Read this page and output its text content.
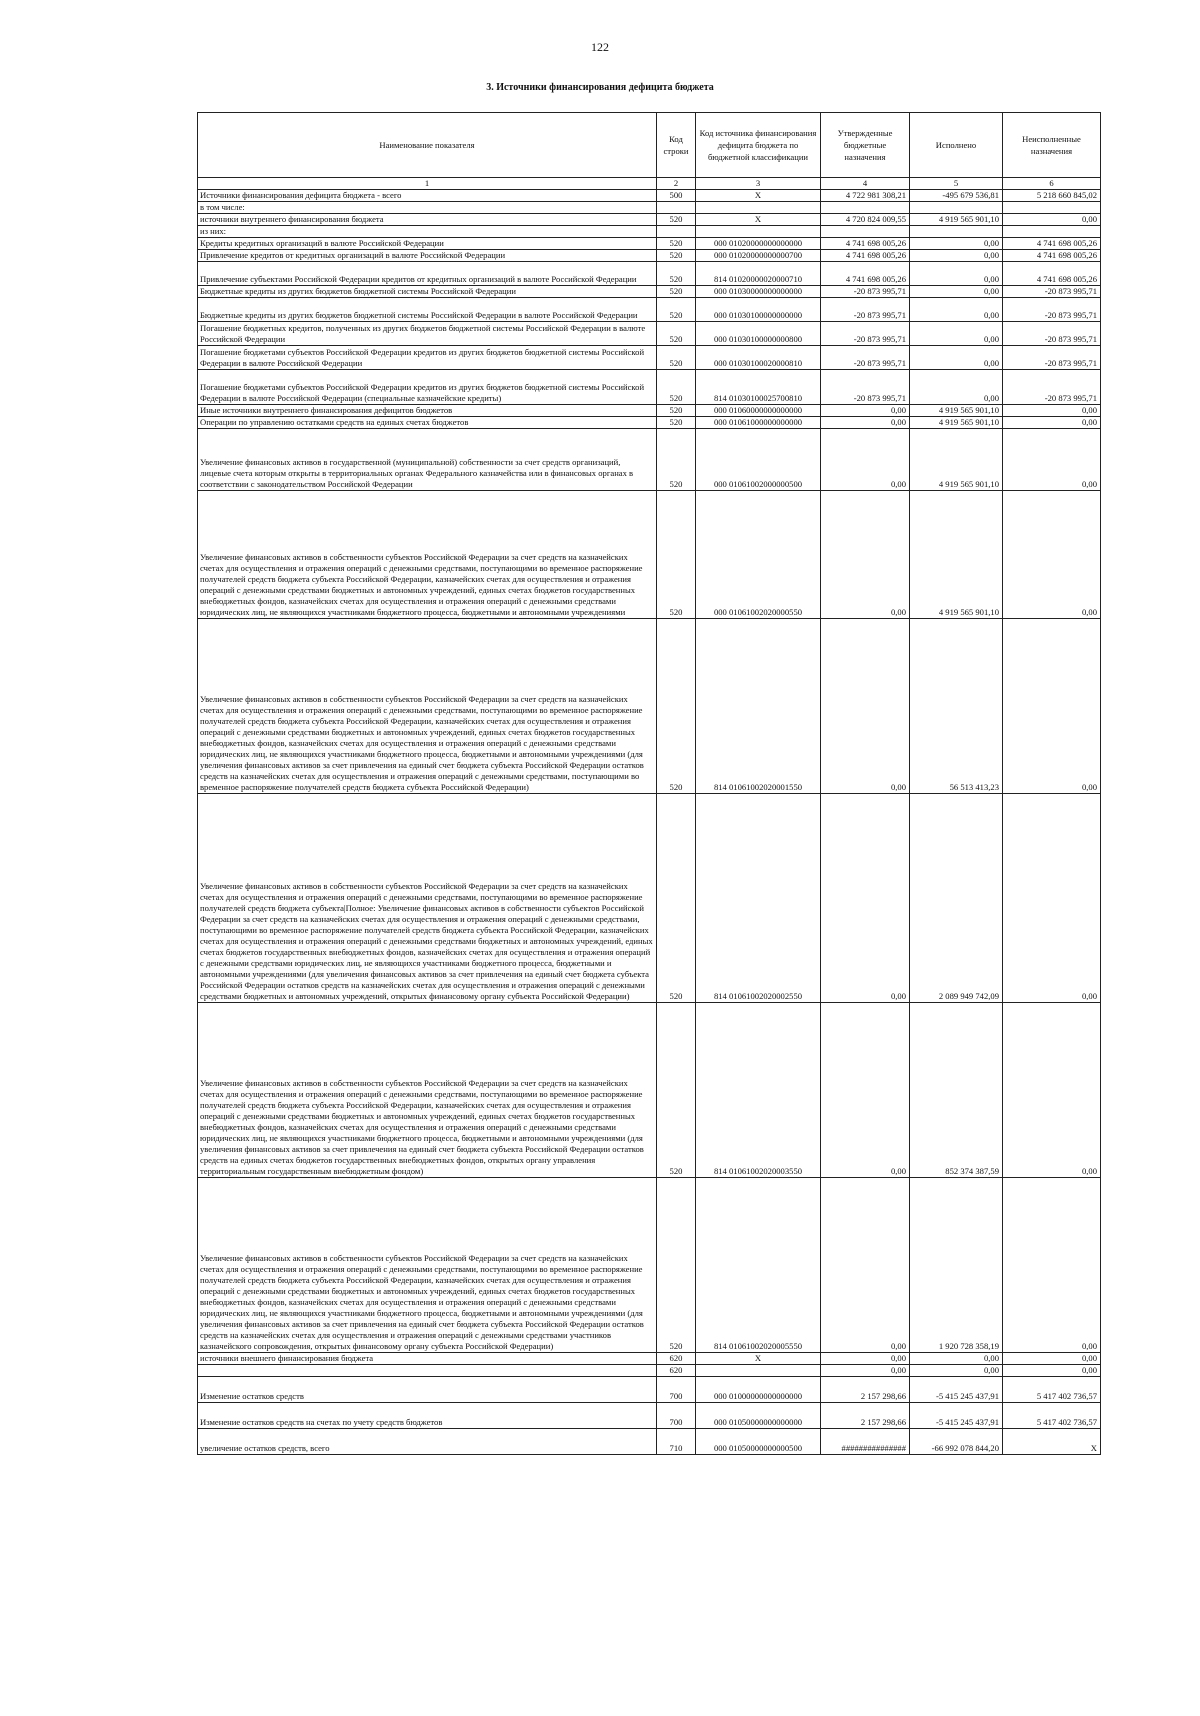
122
3. Источники финансирования дефицита бюджета
Наименование показателя	Код строки	Код источника финансирования дефицита бюджета по бюджетной классификации	Утвержденные бюджетные назначения	Исполнено	Неисполненные назначения
1	2	3	4	5	6
Источники финансирования дефицита бюджета - всего	500	X	4 722 981 308,21	-495 679 536,81	5 218 660 845,02
в том числе:					
источники внутреннего финансирования бюджета	520	X	4 720 824 009,55	4 919 565 901,10	0,00
из них:					
Кредиты кредитных организаций в валюте Российской Федерации	520	000 01020000000000000	4 741 698 005,26	0,00	4 741 698 005,26
Привлечение кредитов от кредитных организаций в валюте Российской Федерации	520	000 01020000000000700	4 741 698 005,26	0,00	4 741 698 005,26
Привлечение субъектами Российской Федерации кредитов от кредитных организаций в валюте Российской Федерации	520	814 01020000020000710	4 741 698 005,26	0,00	4 741 698 005,26
Бюджетные кредиты из других бюджетов бюджетной системы Российской Федерации	520	000 01030000000000000	-20 873 995,71	0,00	-20 873 995,71
Бюджетные кредиты из других бюджетов бюджетной системы Российской Федерации в валюте Российской Федерации	520	000 01030100000000000	-20 873 995,71	0,00	-20 873 995,71
Погашение бюджетных кредитов, полученных из других бюджетов бюджетной системы Российской Федерации в валюте Российской Федерации	520	000 01030100000000800	-20 873 995,71	0,00	-20 873 995,71
Погашение бюджетами субъектов Российской Федерации кредитов из других бюджетов бюджетной системы Российской Федерации в валюте Российской Федерации	520	000 01030100020000810	-20 873 995,71	0,00	-20 873 995,71
Погашение бюджетами субъектов Российской Федерации кредитов из других бюджетов бюджетной системы Российской Федерации в валюте Российской Федерации (специальные казначейские кредиты)	520	814 01030100025700810	-20 873 995,71	0,00	-20 873 995,71
Иные источники внутреннего финансирования дефицитов бюджетов	520	000 01060000000000000	0,00	4 919 565 901,10	0,00
Операции по управлению остатками средств на единых счетах бюджетов	520	000 01061000000000000	0,00	4 919 565 901,10	0,00
Увеличение финансовых активов в государственной (муниципальной) собственности за счет средств организаций, лицевые счета которым открыты в территориальных органах Федерального казначейства или в финансовых органах в соответствии с законодательством Российской Федерации	520	000 01061002000000500	0,00	4 919 565 901,10	0,00
Увеличение финансовых активов в собственности субъектов Российской Федерации за счет средств на казначейских счетах для осуществления и отражения операций с денежными средствами, поступающими во временное распоряжение получателей средств бюджета субъекта Российской Федерации, казначейских счетах для осуществления и отражения операций с денежными средствами бюджетных и автономных учреждений, единых счетах бюджетов государственных внебюджетных фондов, казначейских счетах для осуществления и отражения операций с денежными средствами юридических лиц, не являющихся участниками бюджетного процесса, бюджетными и автономными учреждениями	520	000 01061002020000550	0,00	4 919 565 901,10	0,00
Увеличение финансовых активов в собственности субъектов Российской Федерации за счет средств на казначейских счетах для осуществления и отражения операций с денежными средствами, поступающими во временное распоряжение получателей средств бюджета субъекта Российской Федерации, казначейских счетах для осуществления и отражения операций с денежными средствами бюджетных и автономных учреждений, единых счетах бюджетов государственных внебюджетных фондов, казначейских счетах для осуществления и отражения операций с денежными средствами юридических лиц, не являющихся участниками бюджетного процесса, бюджетными и автономными учреждениями (для увеличения финансовых активов за счет привлечения на единый счет бюджета субъекта Российской Федерации остатков средств на казначейских счетах для осуществления и отражения операций с денежными средствами, поступающими во временное распоряжение получателей средств бюджета субъекта Российской Федерации)	520	814 01061002020001550	0,00	56 513 413,23	0,00
Увеличение финансовых активов в собственности субъектов Российской Федерации за счет средств на казначейских счетах для осуществления и отражения операций с денежными средствами, поступающими во временное распоряжение получателей средств бюджета субъекта|Полное: Увеличение финансовых активов в собственности субъектов Российской Федерации за счет средств на казначейских счетах для осуществления и отражения операций с денежными средствами, поступающими во временное распоряжение получателей средств бюджета субъекта Российской Федерации, казначейских счетах для осуществления и отражения операций с денежными средствами бюджетных и автономных учреждений, единых счетах бюджетов государственных внебюджетных фондов, казначейских счетах для осуществления и отражения операций с денежными средствами юридических лиц, не являющихся участниками бюджетного процесса, бюджетными и автономными учреждениями (для увеличения финансовых активов за счет привлечения на единый счет бюджета субъекта Российской Федерации остатков средств на казначейских счетах для осуществления и отражения операций с денежными средствами бюджетных и автономных учреждений, открытых финансовому органу субъекта Российской Федерации)	520	814 01061002020002550	0,00	2 089 949 742,09	0,00
Увеличение финансовых активов в собственности субъектов Российской Федерации за счет средств на казначейских счетах для осуществления и отражения операций с денежными средствами, поступающими во временное распоряжение получателей средств бюджета субъекта Российской Федерации, казначейских счетах для осуществления и отражения операций с денежными средствами бюджетных и автономных учреждений, единых счетах бюджетов государственных внебюджетных фондов, казначейских счетах для осуществления и отражения операций с денежными средствами юридических лиц, не являющихся участниками бюджетного процесса, бюджетными и автономными учреждениями (для увеличения финансовых активов за счет привлечения на единый счет бюджета субъекта Российской Федерации остатков средств на единых счетах бюджетов государственных внебюджетных фондов, открытых органу управления территориальным государственным внебюджетным фондом)	520	814 01061002020003550	0,00	852 374 387,59	0,00
Увеличение финансовых активов в собственности субъектов Российской Федерации за счет средств на казначейских счетах для осуществления и отражения операций с денежными средствами, поступающими во временное распоряжение получателей средств бюджета субъекта Российской Федерации, казначейских счетах для осуществления и отражения операций с денежными средствами бюджетных и автономных учреждений, единых счетах бюджетов государственных внебюджетных фондов, казначейских счетах для осуществления и отражения операций с денежными средствами юридических лиц, не являющихся участниками бюджетного процесса, бюджетными и автономными учреждениями (для увеличения финансовых активов за счет привлечения на единый счет бюджета субъекта Российской Федерации остатков средств на казначейских счетах для осуществления и отражения операций с денежными средствами участников казначейского сопровождения, открытых финансовому органу субъекта Российской Федерации)	520	814 01061002020005550	0,00	1 920 728 358,19	0,00
источники внешнего финансирования бюджета	620	X	0,00	0,00	0,00
	620		0,00	0,00	0,00
Изменение остатков средств	700	000 01000000000000000	2 157 298,66	-5 415 245 437,91	5 417 402 736,57
Изменение остатков средств на счетах по учету средств бюджетов	700	000 01050000000000000	2 157 298,66	-5 415 245 437,91	5 417 402 736,57
увеличение остатков средств, всего	710	000 01050000000000500	###############	-66 992 078 844,20	X
